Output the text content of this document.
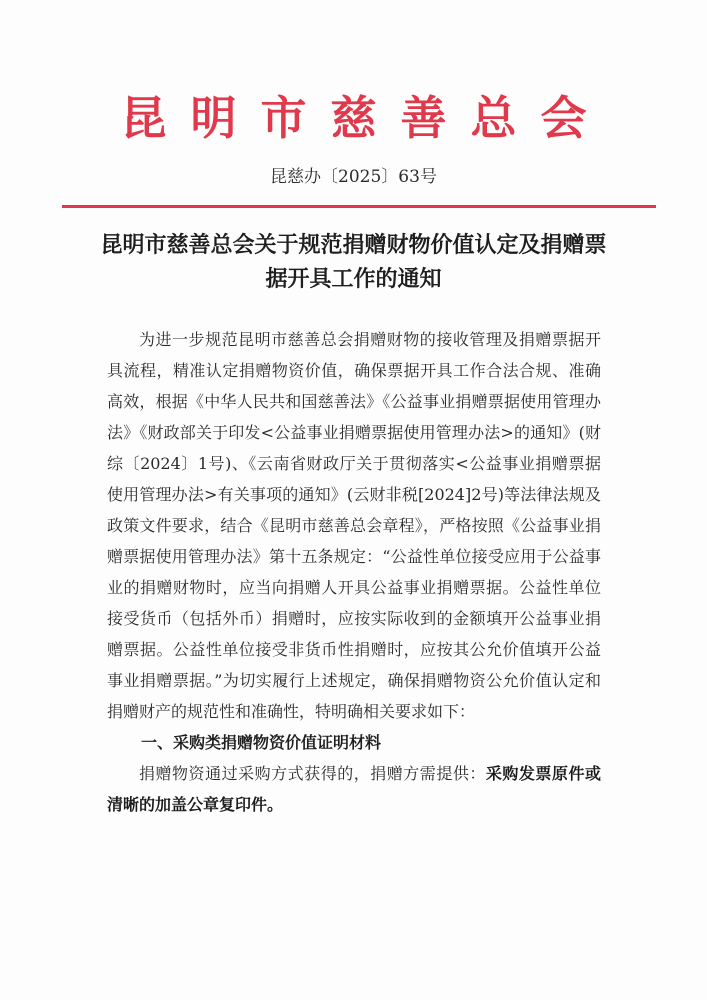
昆明市慈善总会
昆慈办〔2025〕63号
昆明市慈善总会关于规范捐赠财物价值认定及捐赠票据开具工作的通知

为进一步规范昆明市慈善总会捐赠财物的接收管理及捐赠票据开具流程，精准认定捐赠物资价值，确保票据开具工作合法合规、准确高效，根据《中华人民共和国慈善法》《公益事业捐赠票据使用管理办法》《财政部关于印发<公益事业捐赠票据使用管理办法>的通知》(财综〔2024〕1号)、《云南省财政厅关于贯彻落实<公益事业捐赠票据使用管理办法>有关事项的通知》(云财非税[2024]2号)等法律法规及政策文件要求，结合《昆明市慈善总会章程》，严格按照《公益事业捐赠票据使用管理办法》第十五条规定：“公益性单位接受应用于公益事业的捐赠财物时，应当向捐赠人开具公益事业捐赠票据。公益性单位接受货币（包括外币）捐赠时，应按实际收到的金额填开公益事业捐赠票据。公益性单位接受非货币性捐赠时，应按其公允价值填开公益事业捐赠票据。”为切实履行上述规定，确保捐赠物资公允价值认定和捐赠财产的规范性和准确性，特明确相关要求如下：

一、采购类捐赠物资价值证明材料

捐赠物资通过采购方式获得的，捐赠方需提供：采购发票原件或清晰的加盖公章复印件。
